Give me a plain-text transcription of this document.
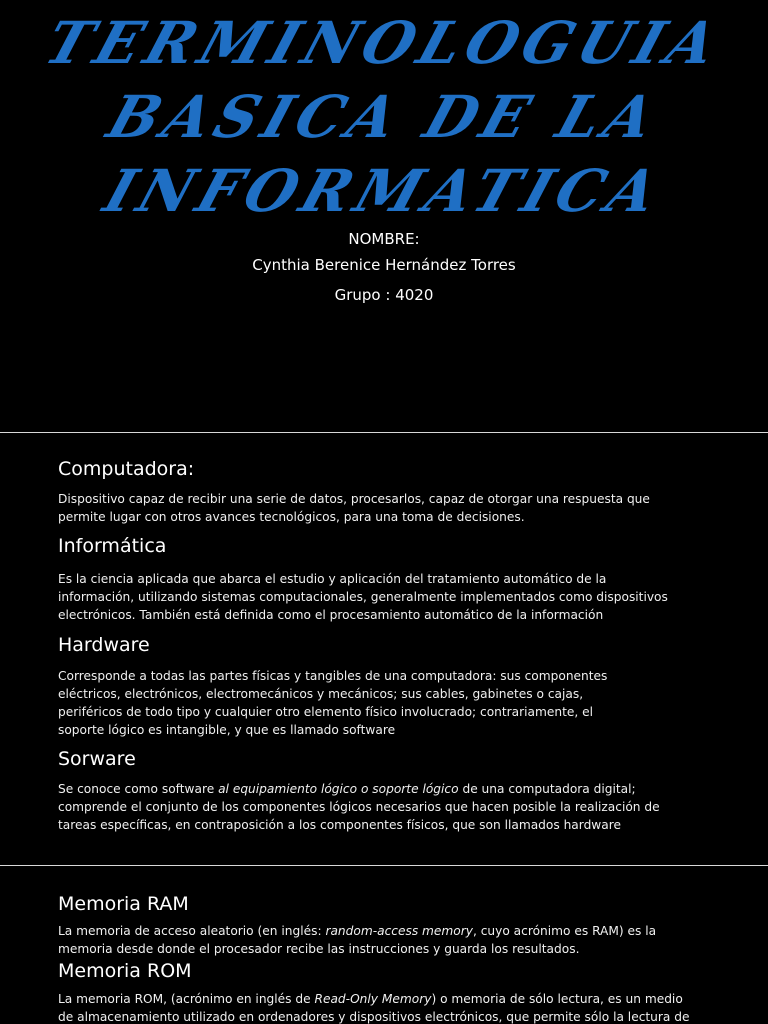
TERMINOLOGUIA
BASICA DE LA
INFORMATICA
NOMBRE:
Cynthia Berenice Hernández Torres
Grupo : 4020
Computadora:

Dispositivo capaz de recibir una serie de datos, procesarlos, capaz de otorgar una respuesta que
permite lugar con otros avances tecnológicos, para una toma de decisiones.

Informática

Es la ciencia aplicada que abarca el estudio y aplicación del tratamiento automático de la
información, utilizando sistemas computacionales, generalmente implementados como dispositivos
electrónicos. También está definida como el procesamiento automático de la información

Hardware

Corresponde a todas las partes físicas y tangibles de una computadora: sus componentes
eléctricos, electrónicos, electromecánicos y mecánicos; sus cables, gabinetes o cajas,
periféricos de todo tipo y cualquier otro elemento físico involucrado; contrariamente, el
soporte lógico es intangible, y que es llamado software

Sorware

Se conoce como software al equipamiento lógico o soporte lógico de una computadora digital;
comprende el conjunto de los componentes lógicos necesarios que hacen posible la realización de
tareas específicas, en contraposición a los componentes físicos, que son llamados hardware

Memoria RAM

La memoria de acceso aleatorio (en inglés: random-access memory, cuyo acrónimo es RAM) es la
memoria desde donde el procesador recibe las instrucciones y guarda los resultados.

Memoria ROM

La memoria ROM, (acrónimo en inglés de Read-Only Memory) o memoria de sólo lectura, es un medio
de almacenamiento utilizado en ordenadores y dispositivos electrónicos, que permite sólo la lectura de
